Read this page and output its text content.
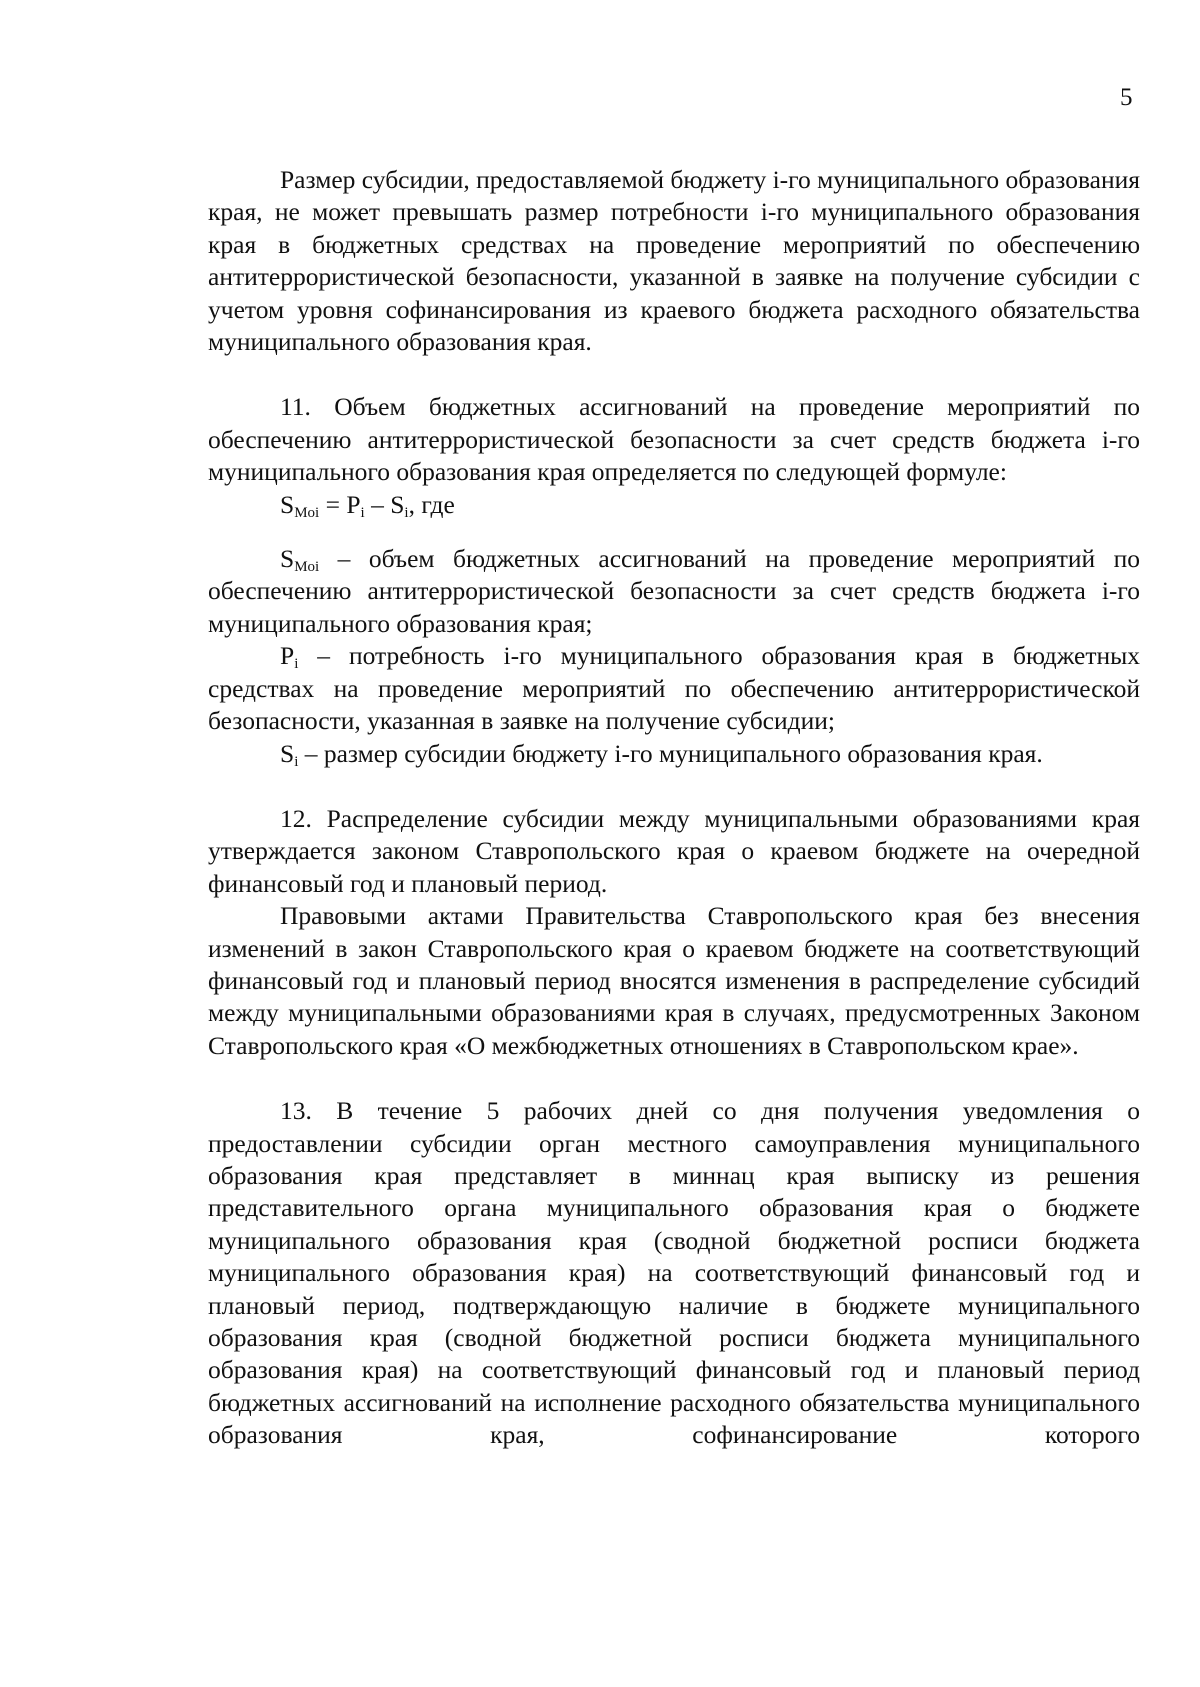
5

Размер субсидии, предоставляемой бюджету i-го муниципального образования края, не может превышать размер потребности i-го муниципального образования края в бюджетных средствах на проведение мероприятий по обеспечению антитеррористической безопасности, указанной в заявке на получение субсидии с учетом уровня софинансирования из краевого бюджета расходного обязательства муниципального образования края.

11. Объем бюджетных ассигнований на проведение мероприятий по обеспечению антитеррористической безопасности за счет средств бюджета i-го муниципального образования края определяется по следующей формуле:

$S_{Moi} = P_i - S_i$, где

$S_{Moi}$ – объем бюджетных ассигнований на проведение мероприятий по обеспечению антитеррористической безопасности за счет средств бюджета i-го муниципального образования края;

$P_i$ – потребность i-го муниципального образования края в бюджетных средствах на проведение мероприятий по обеспечению антитеррористической безопасности, указанная в заявке на получение субсидии;

$S_i$ – размер субсидии бюджету i-го муниципального образования края.

12. Распределение субсидии между муниципальными образованиями края утверждается законом Ставропольского края о краевом бюджете на очередной финансовый год и плановый период.

Правовыми актами Правительства Ставропольского края без внесения изменений в закон Ставропольского края о краевом бюджете на соответствующий финансовый год и плановый период вносятся изменения в распределение субсидий между муниципальными образованиями края в случаях, предусмотренных Законом Ставропольского края «О межбюджетных отношениях в Ставропольском крае».

13. В течение 5 рабочих дней со дня получения уведомления о предоставлении субсидии орган местного самоуправления муниципального образования края представляет в миннац края выписку из решения представительного органа муниципального образования края о бюджете муниципального образования края (сводной бюджетной росписи бюджета муниципального образования края) на соответствующий финансовый год и плановый период, подтверждающую наличие в бюджете муниципального образования края (сводной бюджетной росписи бюджета муниципального образования края) на соответствующий финансовый год и плановый период бюджетных ассигнований на исполнение расходного обязательства муниципального образования края, софинансирование которого
